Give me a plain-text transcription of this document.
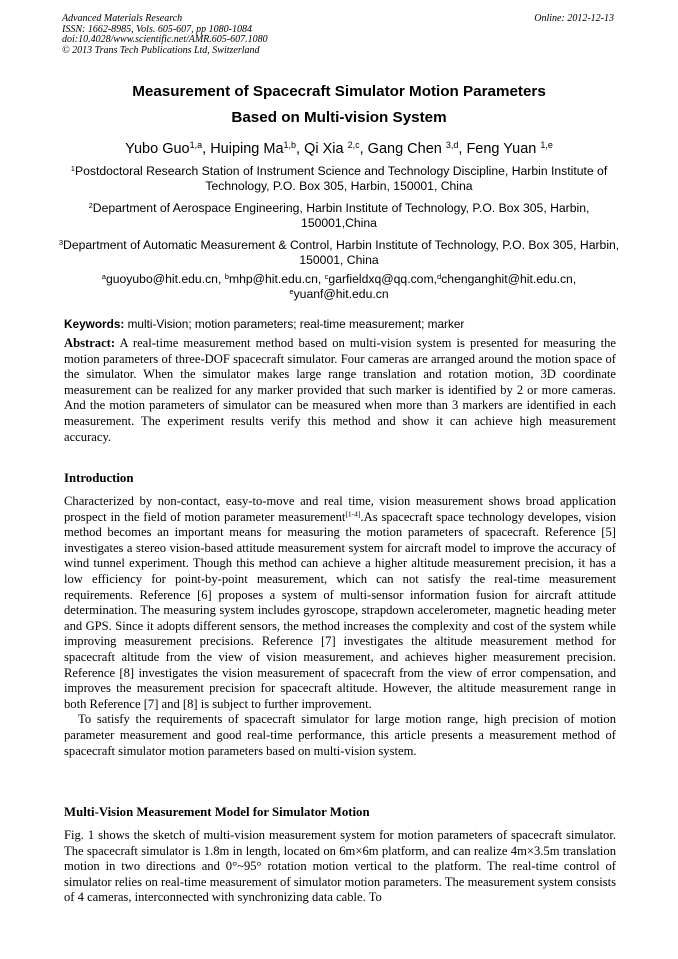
Advanced Materials Research
ISSN: 1662-8985, Vols. 605-607, pp 1080-1084
doi:10.4028/www.scientific.net/AMR.605-607.1080
© 2013 Trans Tech Publications Ltd, Switzerland
Online: 2012-12-13
Measurement of Spacecraft Simulator Motion Parameters
Based on Multi-vision System
Yubo Guo$^{1,a}$, Huiping Ma$^{1,b}$, Qi Xia $^{2,c}$, Gang Chen $^{3,d}$, Feng Yuan $^{1,e}$
$^1$Postdoctoral Research Station of Instrument Science and Technology Discipline, Harbin Institute of Technology, P.O. Box 305, Harbin, 150001, China
$^2$Department of Aerospace Engineering, Harbin Institute of Technology, P.O. Box 305, Harbin, 150001,China
$^3$Department of Automatic Measurement & Control, Harbin Institute of Technology, P.O. Box 305, Harbin, 150001, China
$^a$guoyubo@hit.edu.cn, $^b$mhp@hit.edu.cn, $^c$garfieldxq@qq.com,$^d$chenganghit@hit.edu.cn,
$^e$yuanf@hit.edu.cn
Keywords: multi-Vision; motion parameters; real-time measurement; marker
Abstract: A real-time measurement method based on multi-vision system is presented for measuring the motion parameters of three-DOF spacecraft simulator. Four cameras are arranged around the motion space of the simulator. When the simulator makes large range translation and rotation motion, 3D coordinate measurement can be realized for any marker provided that such marker is identified by 2 or more cameras. And the motion parameters of simulator can be measured when more than 3 markers are identified in each measurement. The experiment results verify this method and show it can achieve high measurement accuracy.
Introduction

Characterized by non-contact, easy-to-move and real time, vision measurement shows broad application prospect in the field of motion parameter measurement[1-4].As spacecraft space technology developes, vision method becomes an important means for measuring the motion parameters of spacecraft. Reference [5] investigates a stereo vision-based attitude measurement system for aircraft model to improve the accuracy of wind tunnel experiment. Though this method can achieve a higher altitude measurement precision, it has a low efficiency for point-by-point measurement, which can not satisfy the real-time measurement requirements. Reference [6] proposes a system of multi-sensor information fusion for aircraft attitude determination. The measuring system includes gyroscope, strapdown accelerometer, magnetic heading meter and GPS. Since it adopts different sensors, the method increases the complexity and cost of the system while improving measurement precisions. Reference [7] investigates the altitude measurement method for spacecraft altitude from the view of vision measurement, and achieves higher measurement precision. Reference [8] investigates the vision measurement of spacecraft from the view of error compensation, and improves the measurement precision for spacecraft altitude. However, the altitude measurement range in both Reference [7] and [8] is subject to further improvement.

To satisfy the requirements of spacecraft simulator for large motion range, high precision of motion parameter measurement and good real-time performance, this article presents a measurement method of spacecraft simulator motion parameters based on multi-vision system.

Multi-Vision Measurement Model for Simulator Motion

Fig. 1 shows the sketch of multi-vision measurement system for motion parameters of spacecraft simulator. The spacecraft simulator is 1.8m in length, located on 6m×6m platform, and can realize 4m×3.5m translation motion in two directions and 0°~95° rotation motion vertical to the platform. The real-time control of simulator relies on real-time measurement of simulator motion parameters. The measurement system consists of 4 cameras, interconnected with synchronizing data cable. To
